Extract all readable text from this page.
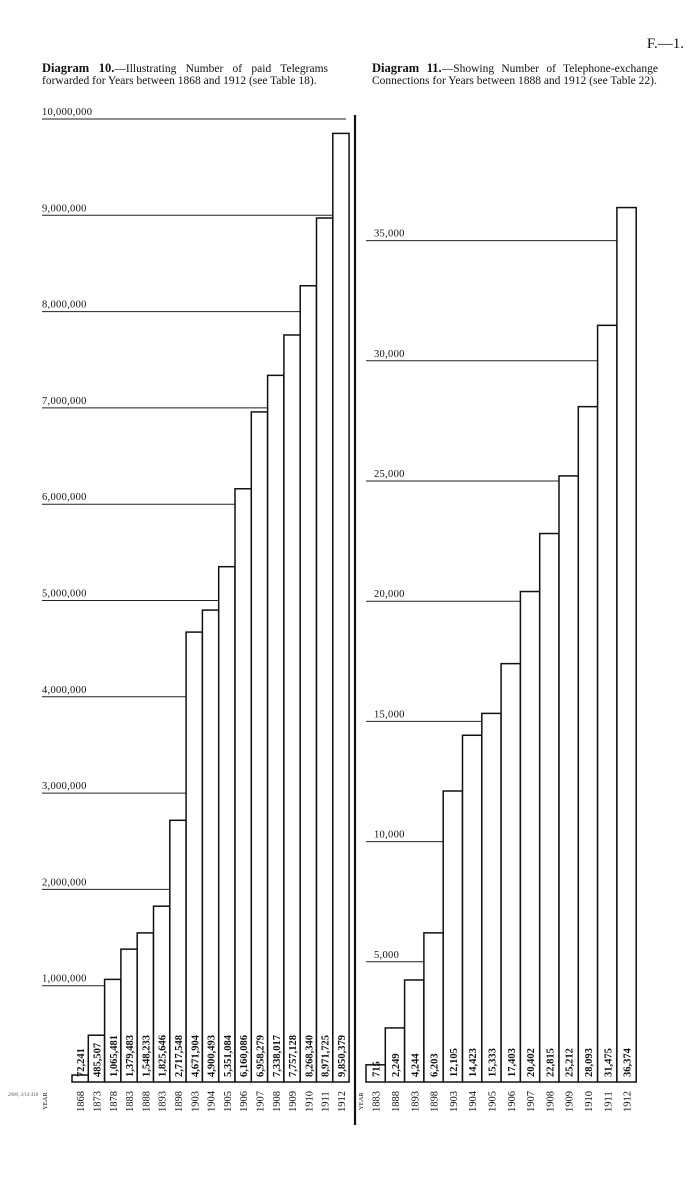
F.—1.
Diagram 10.—Illustrating Number of paid Telegrams forwarded for Years between 1868 and 1912 (see Table 18).
Diagram 11.—Showing Number of Telephone-exchange Connections for Years between 1888 and 1912 (see Table 22).
1,000,000
2,000,000
3,000,000
4,000,000
5,000,000
6,000,000
7,000,000
8,000,000
9,000,000
10,000,000
72,241
1868
485,507
1873
1,065,481
1878
1,379,483
1883
1,548,233
1888
1,825,646
1893
2,717,548
1898
4,671,904
1903
4,900,493
1904
5,351,084
1905
6,160,086
1906
6,958,279
1907
7,338,017
1908
7,757,128
1909
8,268,340
1910
8,971,725
1911
9,850,379
1912
YEAR
5,000
10,000
15,000
20,000
25,000
30,000
35,000
715
1883
2,249
1888
4,244
1893
6,203
1898
12,105
1903
14,423
1904
15,333
1905
17,403
1906
20,402
1907
22,815
1908
25,212
1909
28,093
1910
31,475
1911
36,374
1912
YEAR
2000, 3/14 418
